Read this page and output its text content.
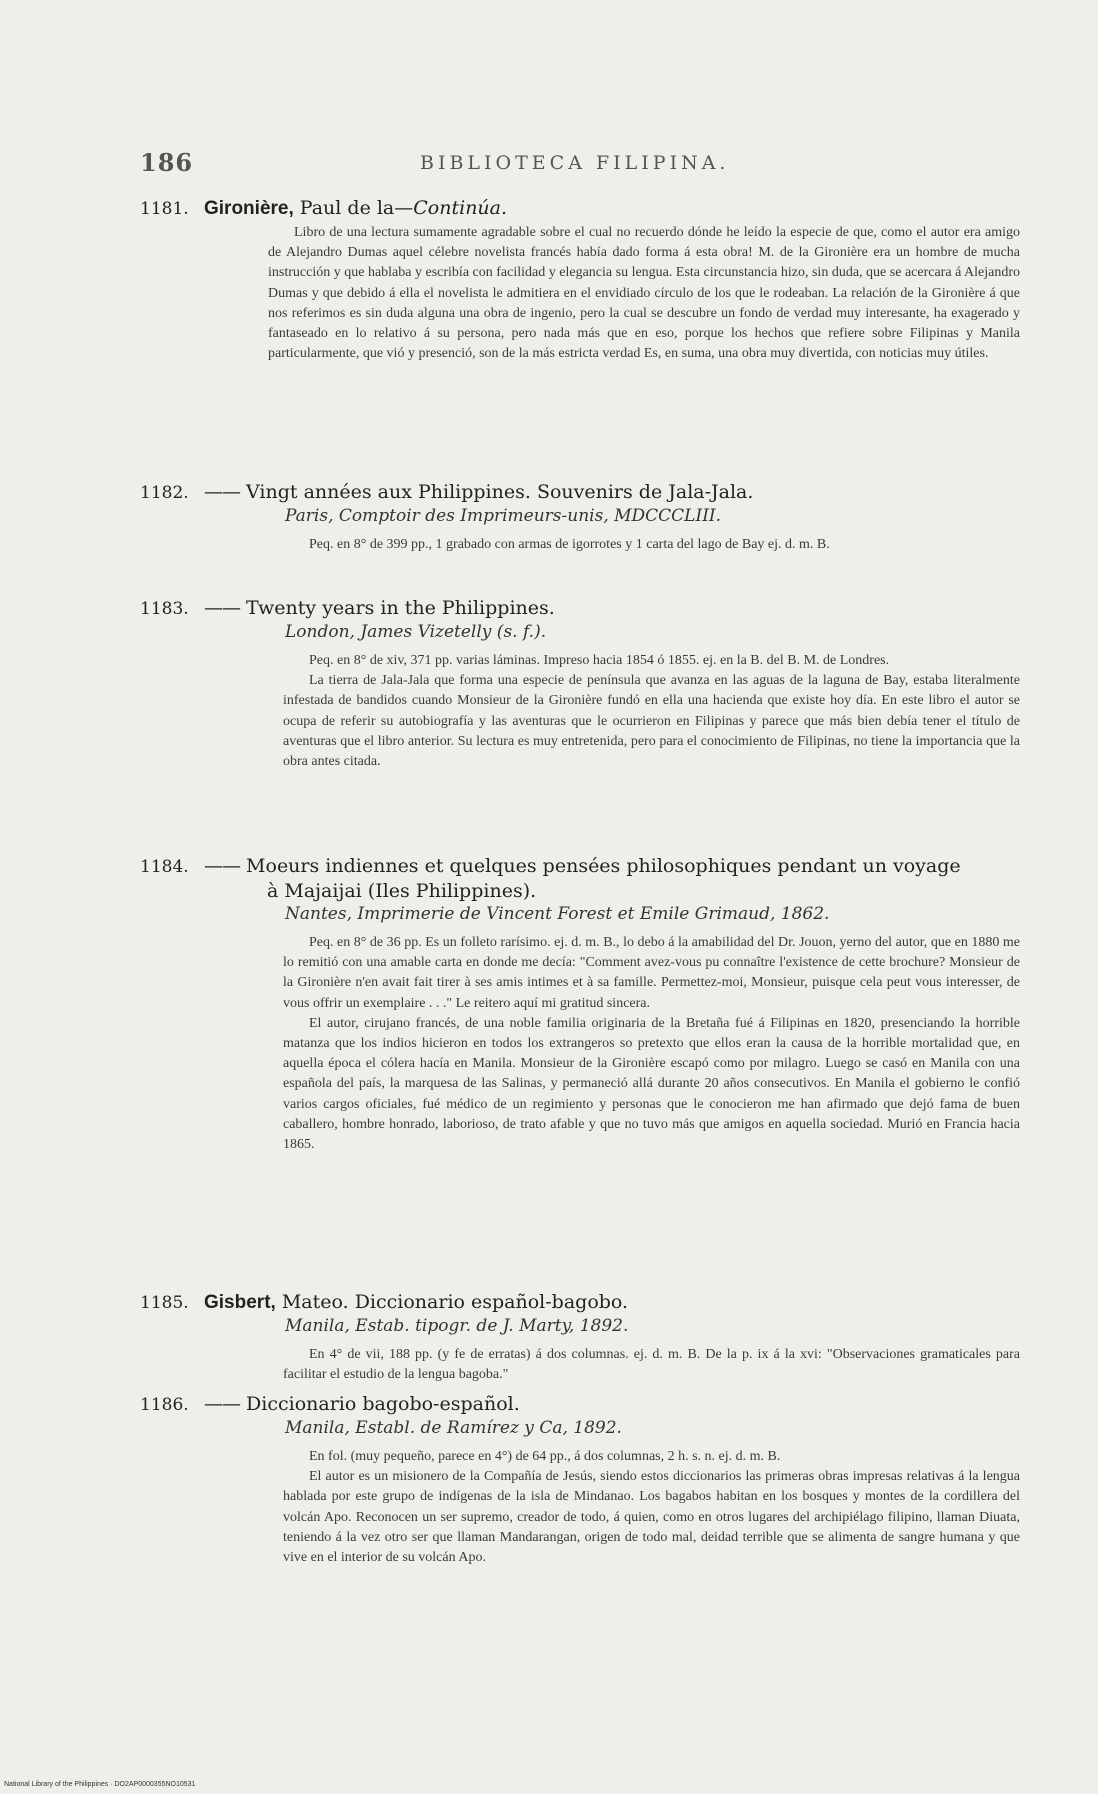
186	BIBLIOTECA FILIPINA.
1181. Gironière, Paul de la—Continúa.

Libro de una lectura sumamente agradable sobre el cual no recuerdo dónde he leído la especie de que, como el autor era amigo de Alejandro Dumas aquel célebre novelista francés había dado forma á esta obra! M. de la Gironière era un hombre de mucha instrucción y que hablaba y escribía con facilidad y elegancia su lengua. Esta circunstancia hizo, sin duda, que se acercara á Alejandro Dumas y que debido á ella el novelista le admitiera en el envidiado círculo de los que le rodeaban. La relación de la Gironière á que nos referimos es sin duda alguna una obra de ingenio, pero la cual se descubre un fondo de verdad muy interesante, ha exagerado y fantaseado en lo relativo á su persona, pero nada más que en eso, porque los hechos que refiere sobre Filipinas y Manila particularmente, que vió y presenció, son de la más estricta verdad Es, en suma, una obra muy divertida, con noticias muy útiles.

1182. —— Vingt années aux Philippines. Souvenirs de Jala-Jala.
Paris, Comptoir des Imprimeurs-unis, MDCCCLIII.

Peq. en 8° de 399 pp., 1 grabado con armas de igorrotes y 1 carta del lago de Bay ej. d. m. B.

1183. —— Twenty years in the Philippines.
London, James Vizetelly (s. f.).

Peq. en 8° de xiv, 371 pp. varias láminas. Impreso hacia 1854 ó 1855. ej. en la B. del B. M. de Londres.

La tierra de Jala-Jala que forma una especie de península que avanza en las aguas de la laguna de Bay, estaba literalmente infestada de bandidos cuando Monsieur de la Gironière fundó en ella una hacienda que existe hoy día. En este libro el autor se ocupa de referir su autobiografía y las aventuras que le ocurrieron en Filipinas y parece que más bien debía tener el título de aventuras que el libro anterior. Su lectura es muy entretenida, pero para el conocimiento de Filipinas, no tiene la importancia que la obra antes citada.

1184. —— Moeurs indiennes et quelques pensées philosophiques pendant un voyage
à Majaijai (Iles Philippines).
Nantes, Imprimerie de Vincent Forest et Emile Grimaud, 1862.

Peq. en 8° de 36 pp. Es un folleto rarísimo. ej. d. m. B., lo debo á la amabilidad del Dr. Jouon, yerno del autor, que en 1880 me lo remitió con una amable carta en donde me decía: "Comment avez-vous pu connaître l'existence de cette brochure? Monsieur de la Gironière n'en avait fait tirer à ses amis intimes et à sa famille. Permettez-moi, Monsieur, puisque cela peut vous interesser, de vous offrir un exemplaire . . ." Le reitero aquí mi gratitud sincera.

El autor, cirujano francés, de una noble familia originaria de la Bretaña fué á Filipinas en 1820, presenciando la horrible matanza que los indios hicieron en todos los extrangeros so pretexto que ellos eran la causa de la horrible mortalidad que, en aquella época el cólera hacía en Manila. Monsieur de la Gironière escapó como por milagro. Luego se casó en Manila con una española del país, la marquesa de las Salinas, y permaneció allá durante 20 años consecutivos. En Manila el gobierno le confió varios cargos oficiales, fué médico de un regimiento y personas que le conocieron me han afirmado que dejó fama de buen caballero, hombre honrado, laborioso, de trato afable y que no tuvo más que amigos en aquella sociedad. Murió en Francia hacia 1865.

1185. Gisbert, Mateo. Diccionario español-bagobo.
Manila, Estab. tipogr. de J. Marty, 1892.

En 4° de vii, 188 pp. (y fe de erratas) á dos columnas. ej. d. m. B. De la p. ix á la xvi: "Observaciones gramaticales para facilitar el estudio de la lengua bagoba."

1186. —— Diccionario bagobo-español.
Manila, Establ. de Ramírez y Ca, 1892.

En fol. (muy pequeño, parece en 4°) de 64 pp., á dos columnas, 2 h. s. n. ej. d. m. B.

El autor es un misionero de la Compañía de Jesús, siendo estos diccionarios las primeras obras impresas relativas á la lengua hablada por este grupo de indígenas de la isla de Mindanao. Los bagabos habitan en los bosques y montes de la cordillera del volcán Apo. Reconocen un ser supremo, creador de todo, á quien, como en otros lugares del archipiélago filipino, llaman Diuata, teniendo á la vez otro ser que llaman Mandarangan, origen de todo mal, deidad terrible que se alimenta de sangre humana y que vive en el interior de su volcán Apo.

National Library of the Philippines · DO2AP0000355NO10531
